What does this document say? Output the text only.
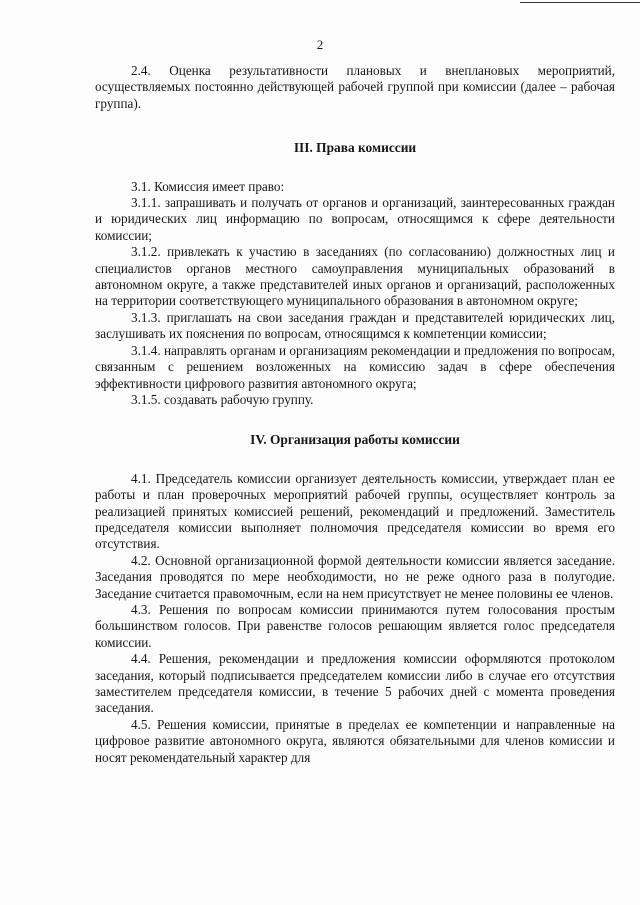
2

2.4. Оценка результативности плановых и внеплановых мероприятий, осуществляемых постоянно действующей рабочей группой при комиссии (далее – рабочая группа).

III. Права комиссии

3.1. Комиссия имеет право:

3.1.1. запрашивать и получать от органов и организаций, заинтересованных граждан и юридических лиц информацию по вопросам, относящимся к сфере деятельности комиссии;

3.1.2. привлекать к участию в заседаниях (по согласованию) должностных лиц и специалистов органов местного самоуправления муниципальных образований в автономном округе, а также представителей иных органов и организаций, расположенных на территории соответствующего муниципального образования в автономном округе;

3.1.3. приглашать на свои заседания граждан и представителей юридических лиц, заслушивать их пояснения по вопросам, относящимся к компетенции комиссии;

3.1.4. направлять органам и организациям рекомендации и предложения по вопросам, связанным с решением возложенных на комиссию задач в сфере обеспечения эффективности цифрового развития автономного округа;

3.1.5. создавать рабочую группу.

IV. Организация работы комиссии

4.1. Председатель комиссии организует деятельность комиссии, утверждает план ее работы и план проверочных мероприятий рабочей группы, осуществляет контроль за реализацией принятых комиссией решений, рекомендаций и предложений. Заместитель председателя комиссии выполняет полномочия председателя комиссии во время его отсутствия.

4.2. Основной организационной формой деятельности комиссии является заседание. Заседания проводятся по мере необходимости, но не реже одного раза в полугодие. Заседание считается правомочным, если на нем присутствует не менее половины ее членов.

4.3. Решения по вопросам комиссии принимаются путем голосования простым большинством голосов. При равенстве голосов решающим является голос председателя комиссии.

4.4. Решения, рекомендации и предложения комиссии оформляются протоколом заседания, который подписывается председателем комиссии либо в случае его отсутствия заместителем председателя комиссии, в течение 5 рабочих дней с момента проведения заседания.

4.5. Решения комиссии, принятые в пределах ее компетенции и направленные на цифровое развитие автономного округа, являются обязательными для членов комиссии и носят рекомендательный характер для
